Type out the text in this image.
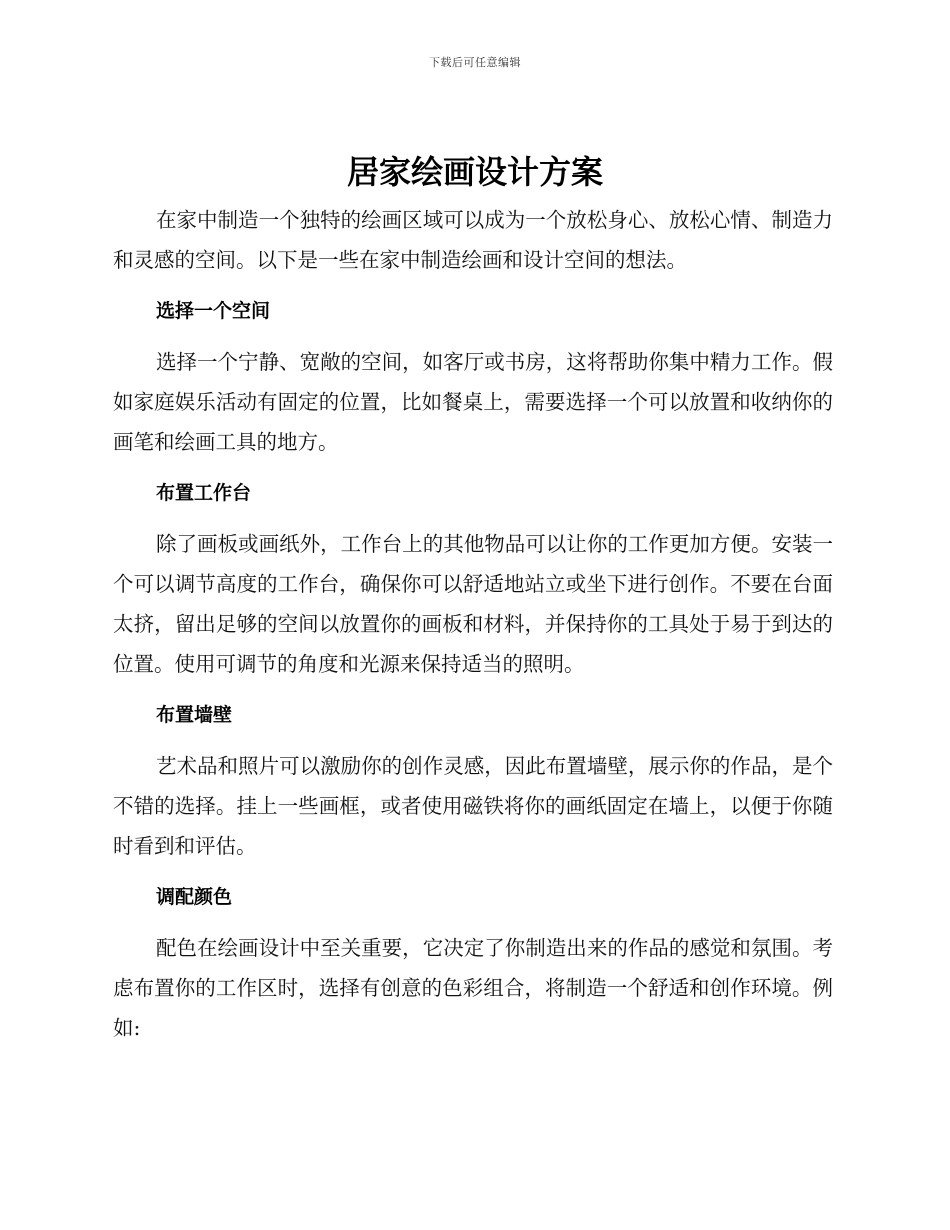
下载后可任意编辑
居家绘画设计方案

在家中制造一个独特的绘画区域可以成为一个放松身心、放松心情、制造力和灵感的空间。以下是一些在家中制造绘画和设计空间的想法。

选择一个空间

选择一个宁静、宽敞的空间，如客厅或书房，这将帮助你集中精力工作。假如家庭娱乐活动有固定的位置，比如餐桌上，需要选择一个可以放置和收纳你的画笔和绘画工具的地方。

布置工作台

除了画板或画纸外，工作台上的其他物品可以让你的工作更加方便。安装一个可以调节高度的工作台，确保你可以舒适地站立或坐下进行创作。不要在台面太挤，留出足够的空间以放置你的画板和材料，并保持你的工具处于易于到达的位置。使用可调节的角度和光源来保持适当的照明。

布置墙壁

艺术品和照片可以激励你的创作灵感，因此布置墙壁，展示你的作品，是个不错的选择。挂上一些画框，或者使用磁铁将你的画纸固定在墙上，以便于你随时看到和评估。

调配颜色

配色在绘画设计中至关重要，它决定了你制造出来的作品的感觉和氛围。考虑布置你的工作区时，选择有创意的色彩组合，将制造一个舒适和创作环境。例如:
